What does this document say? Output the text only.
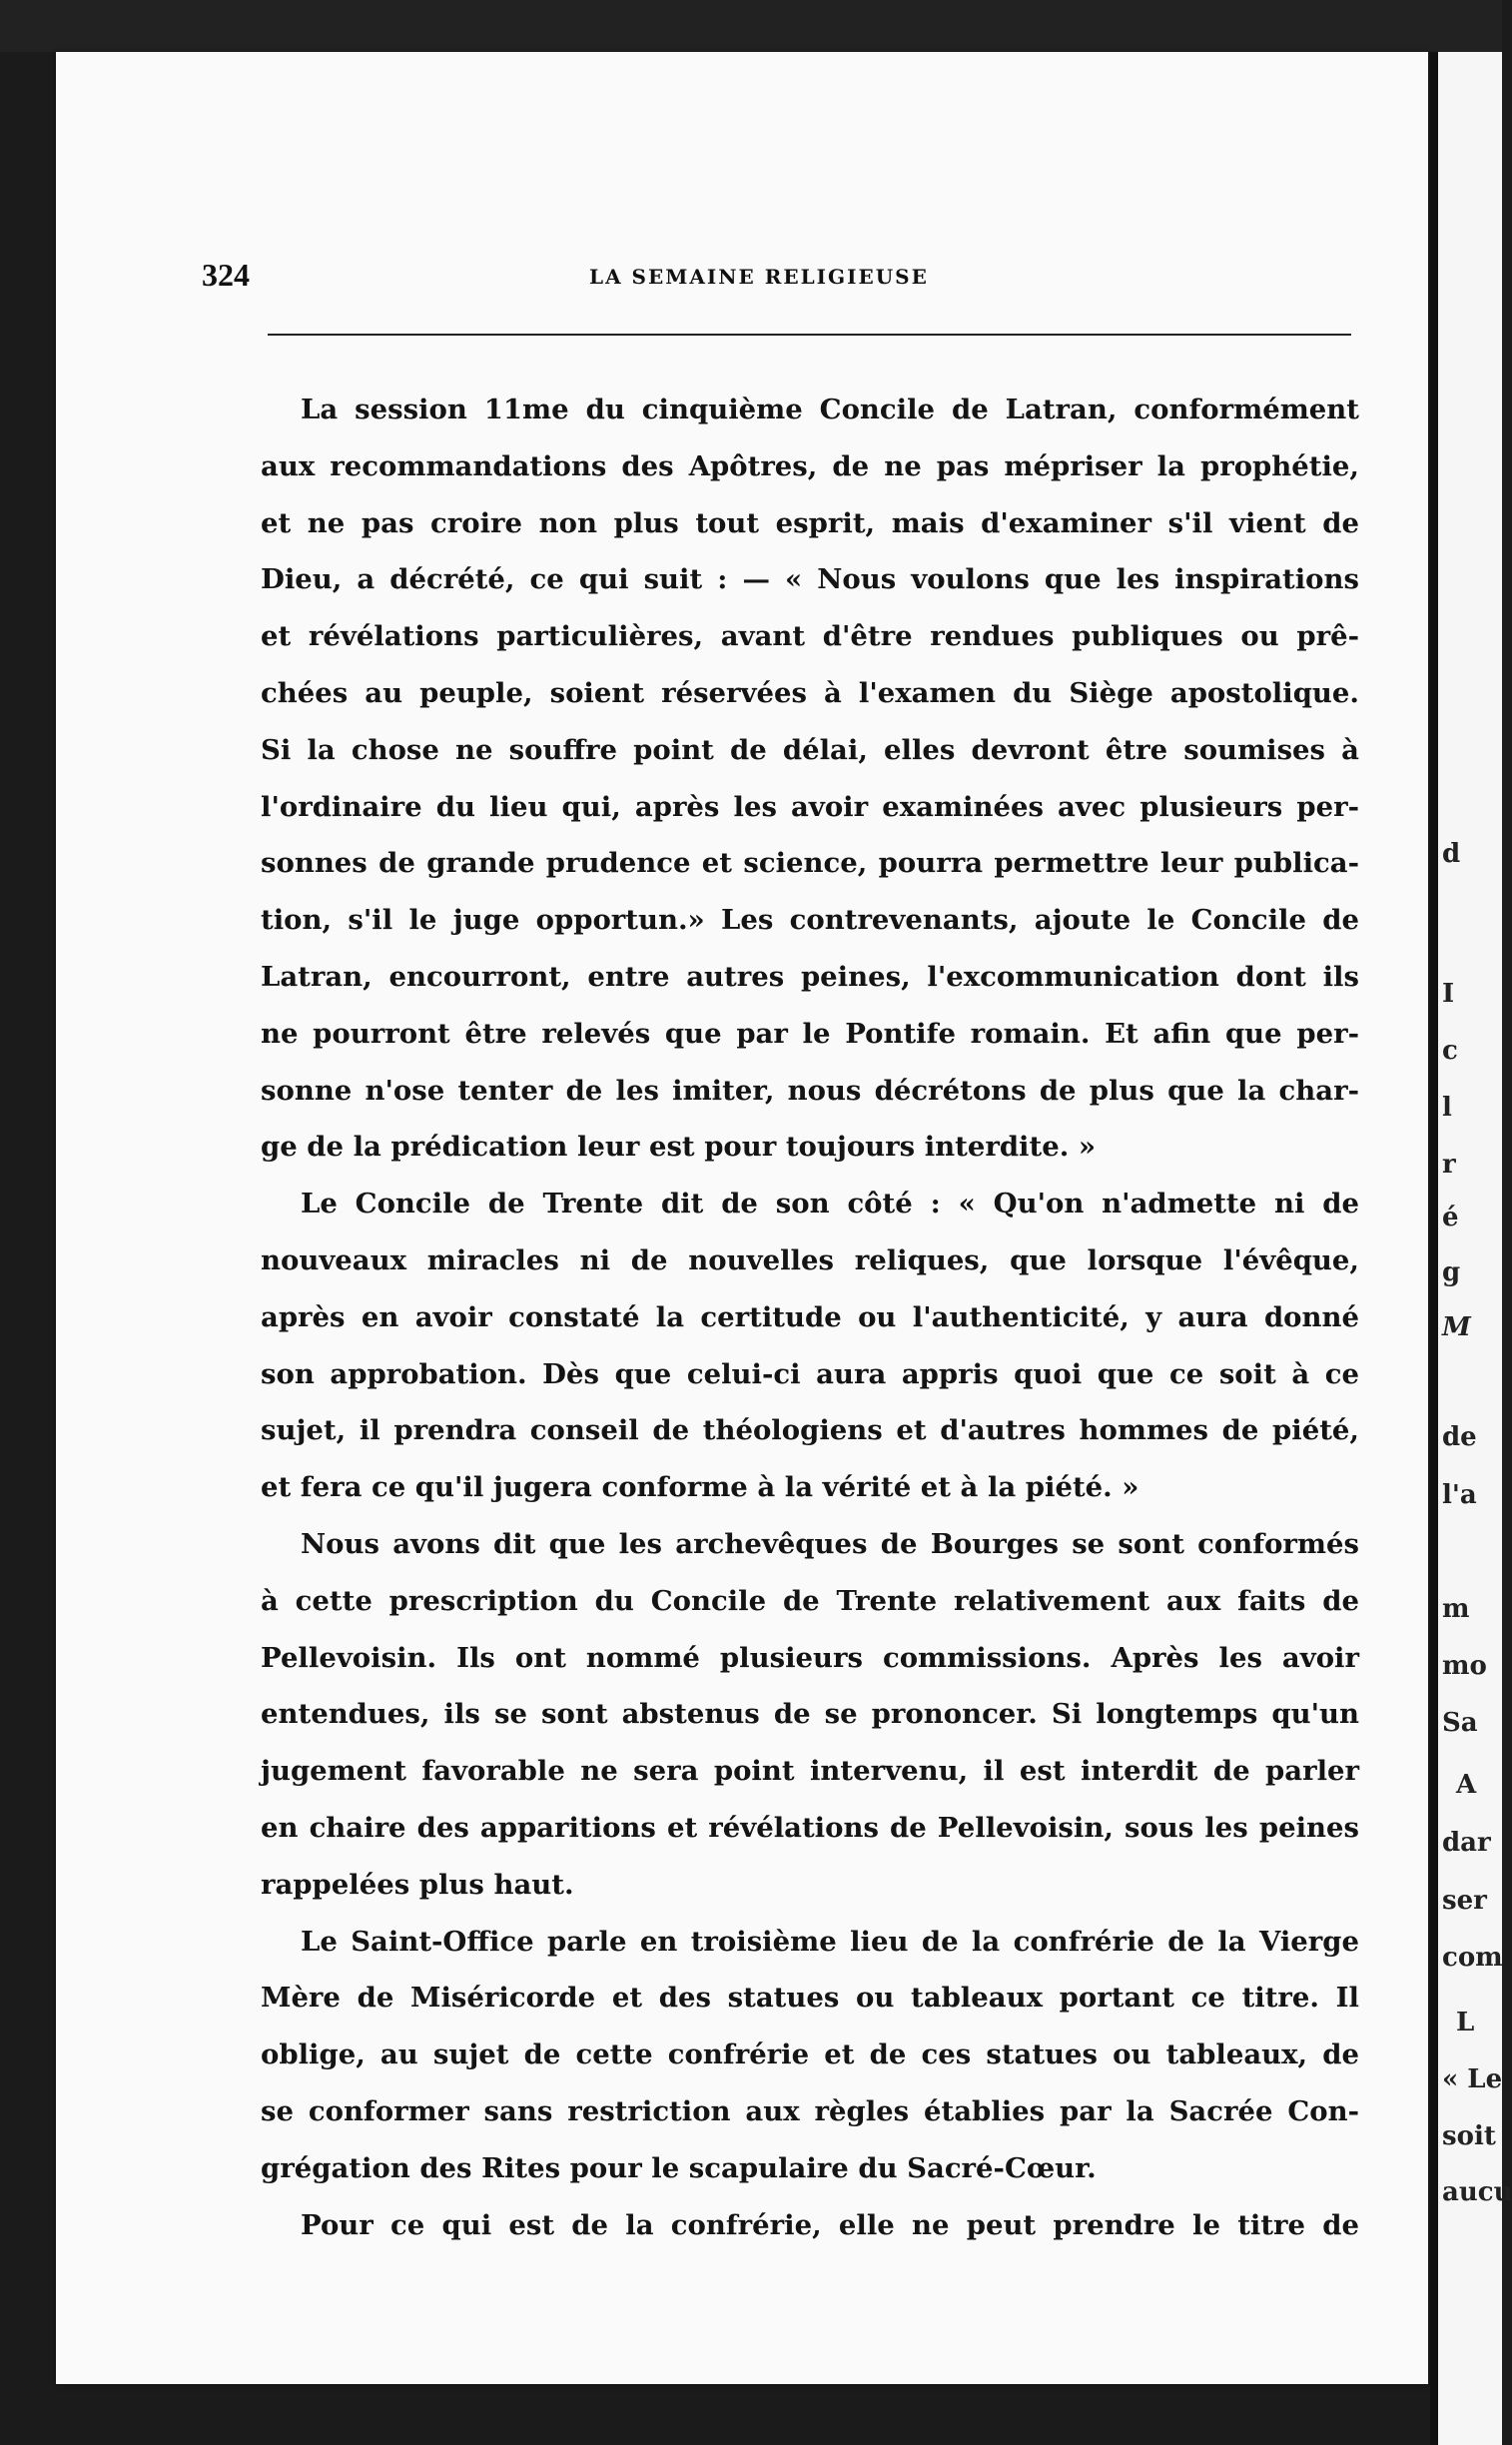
324	LA SEMAINE RELIGIEUSE

La session 11me du cinquième Concile de Latran, conformément
aux recommandations des Apôtres, de ne pas mépriser la prophétie,
et ne pas croire non plus tout esprit, mais d'examiner s'il vient de
Dieu, a décrété, ce qui suit : — « Nous voulons que les inspirations
et révélations particulières, avant d'être rendues publiques ou prê-
chées au peuple, soient réservées à l'examen du Siège apostolique.
Si la chose ne souffre point de délai, elles devront être soumises à
l'ordinaire du lieu qui, après les avoir examinées avec plusieurs per-
sonnes de grande prudence et science, pourra permettre leur publica-
tion, s'il le juge opportun.» Les contrevenants, ajoute le Concile de
Latran, encourront, entre autres peines, l'excommunication dont ils
ne pourront être relevés que par le Pontife romain. Et afin que per-
sonne n'ose tenter de les imiter, nous décrétons de plus que la char-
ge de la prédication leur est pour toujours interdite. »

Le Concile de Trente dit de son côté : « Qu'on n'admette ni de
nouveaux miracles ni de nouvelles reliques, que lorsque l'évêque,
après en avoir constaté la certitude ou l'authenticité, y aura donné
son approbation. Dès que celui-ci aura appris quoi que ce soit à ce
sujet, il prendra conseil de théologiens et d'autres hommes de piété,
et fera ce qu'il jugera conforme à la vérité et à la piété. »

Nous avons dit que les archevêques de Bourges se sont conformés
à cette prescription du Concile de Trente relativement aux faits de
Pellevoisin. Ils ont nommé plusieurs commissions. Après les avoir
entendues, ils se sont abstenus de se prononcer. Si longtemps qu'un
jugement favorable ne sera point intervenu, il est interdit de parler
en chaire des apparitions et révélations de Pellevoisin, sous les peines
rappelées plus haut.

Le Saint-Office parle en troisième lieu de la confrérie de la Vierge
Mère de Miséricorde et des statues ou tableaux portant ce titre. Il
oblige, au sujet de cette confrérie et de ces statues ou tableaux, de
se conformer sans restriction aux règles établies par la Sacrée Con-
grégation des Rites pour le scapulaire du Sacré-Cœur.

Pour ce qui est de la confrérie, elle ne peut prendre le titre de

d
I
c
l
r
é
g
M
de
l'a
m
mo
Sa
A
dar
ser
com
L
« Le
soit
aucu
